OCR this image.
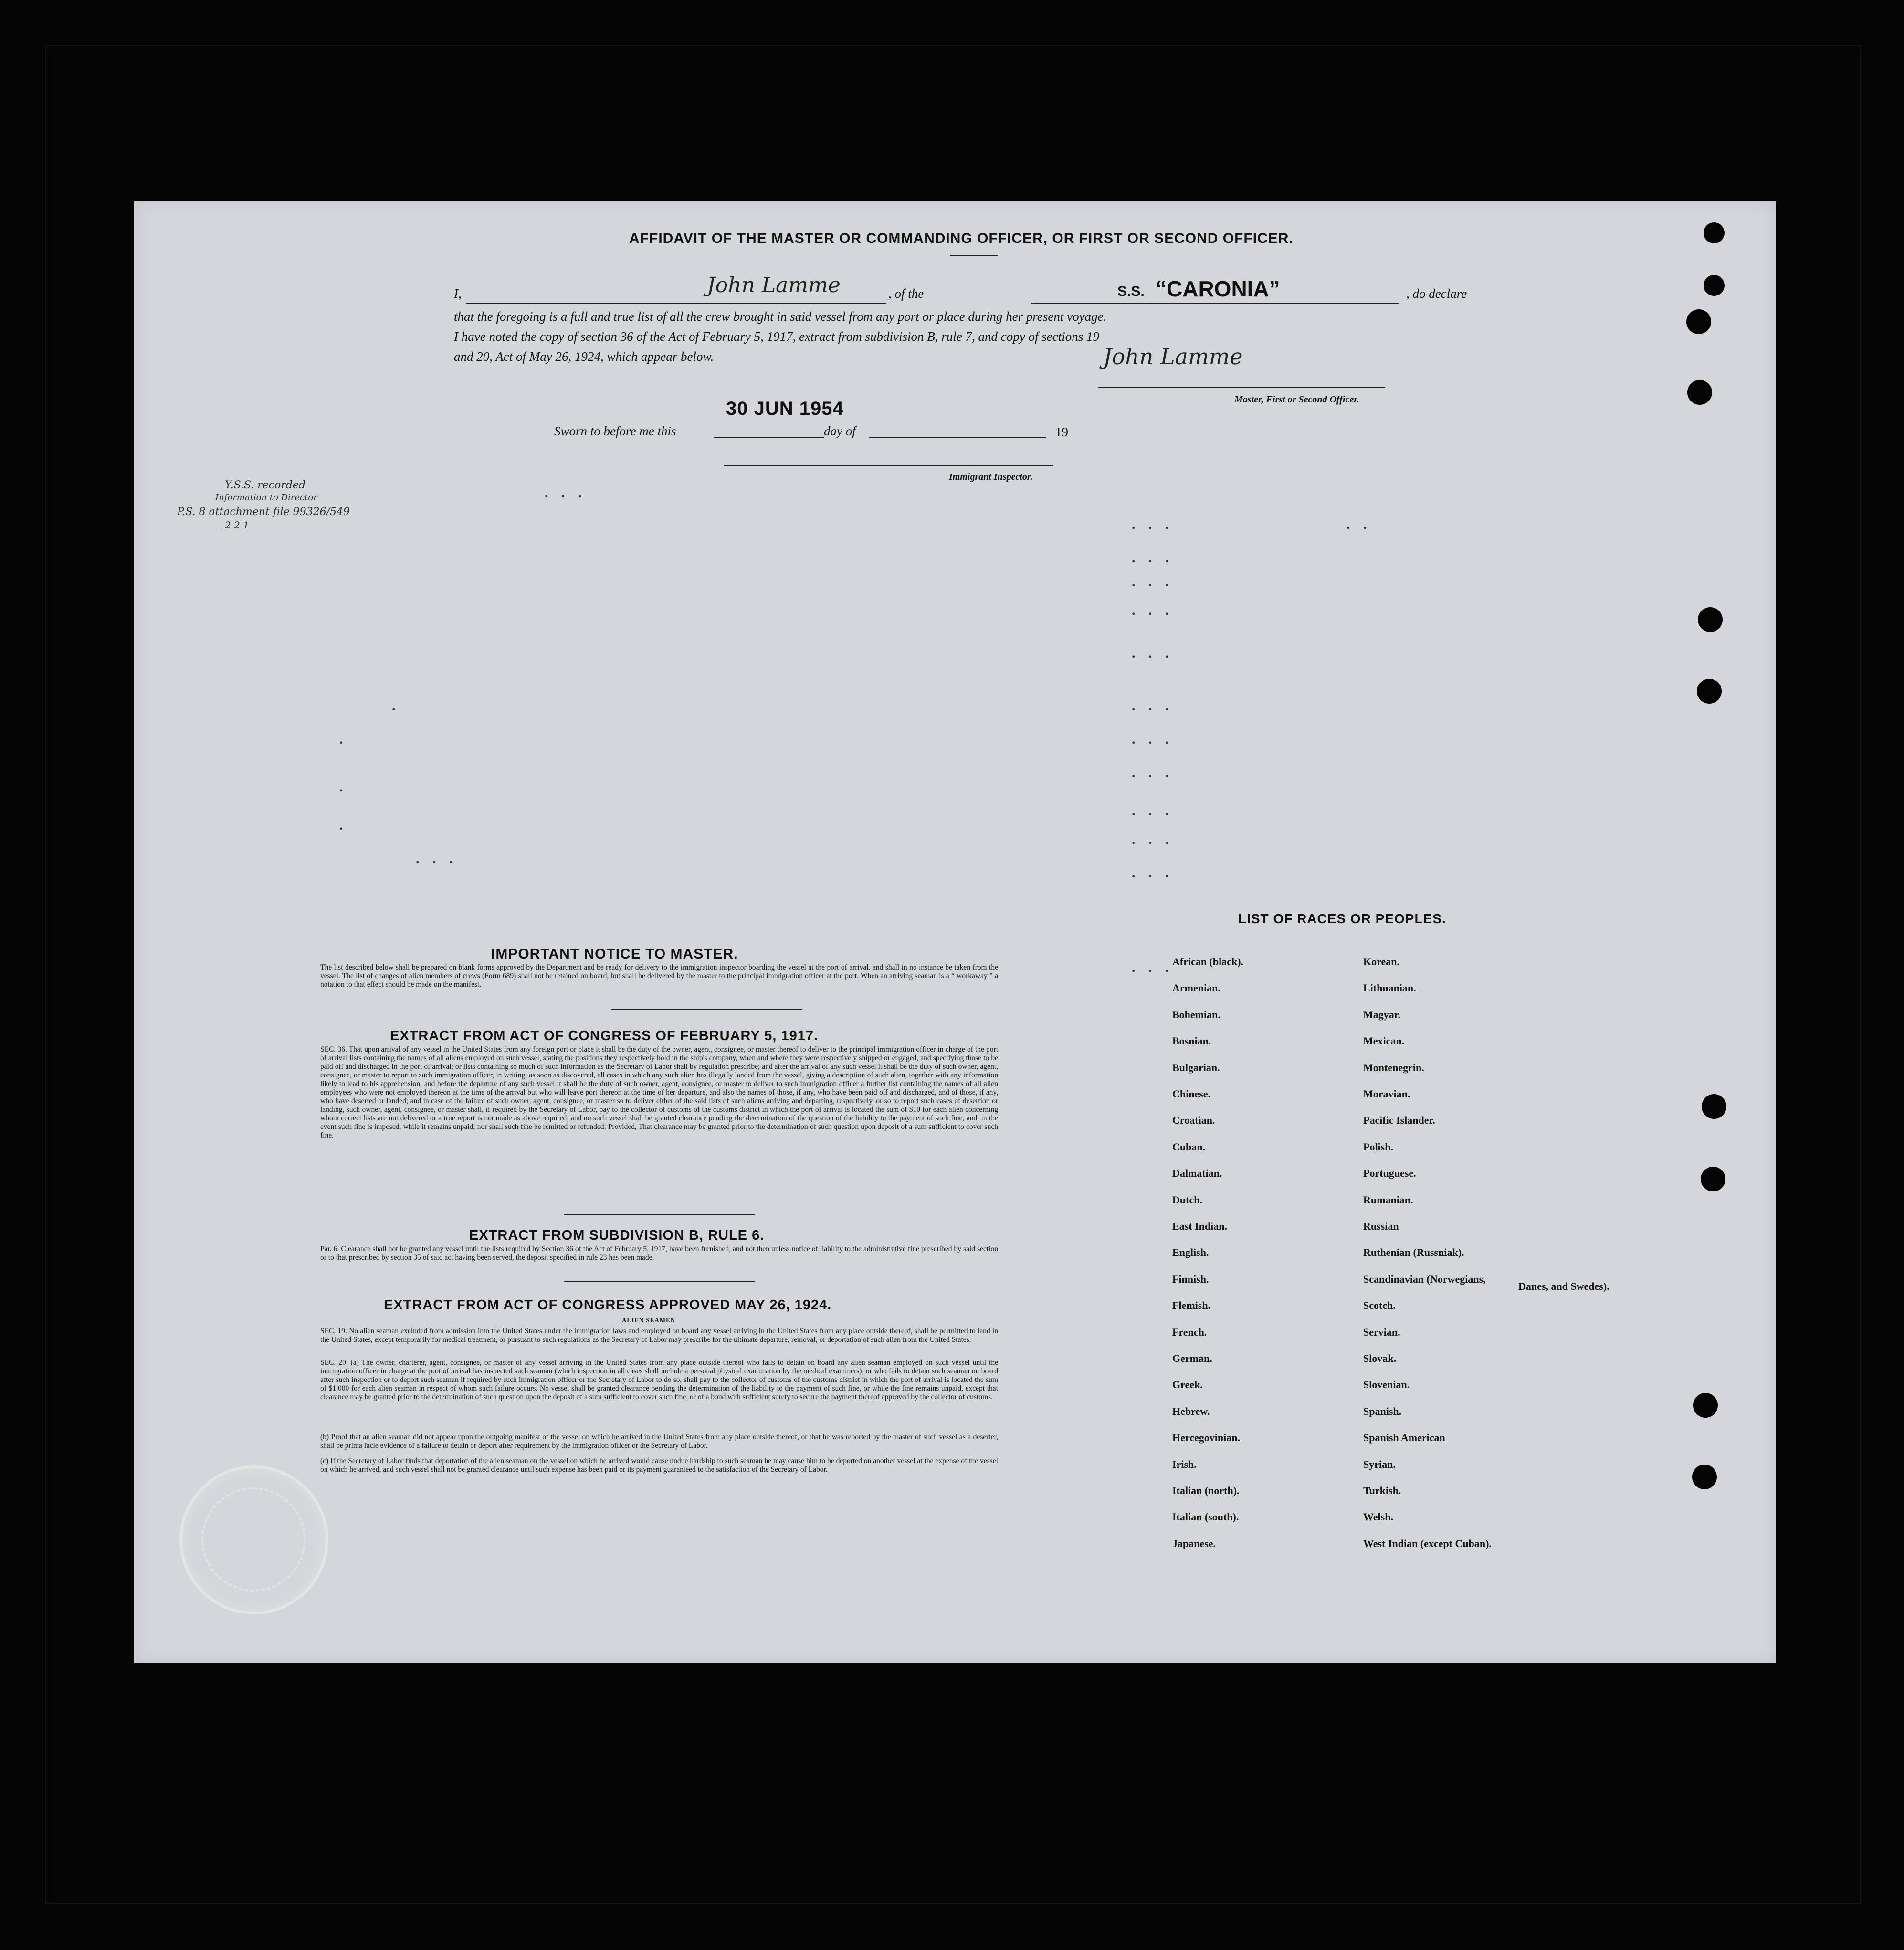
AFFIDAVIT OF THE MASTER OR COMMANDING OFFICER, OR FIRST OR SECOND OFFICER.
I,	John Lamme	, of the	S.S. “CARONIA”	, do declare
that the foregoing is a full and true list of all the crew brought in said vessel from any port or place during her present voyage.
I have noted the copy of section 36 of the Act of February 5, 1917, extract from subdivision B, rule 7, and copy of sections 19
and 20, Act of May 26, 1924, which appear below.	John Lamme
Master, First or Second Officer.
Sworn to before me this
30 JUN 1954
day of	19
Immigrant Inspector.
Y.S.S. recorded
Information to Director
P.S. 8 attachment file 99326/549
2 2 1
. . .
. . .	. .
. . .
. . .
. . .
. . .
. . .
. . .
. . .
. . .
. . .
. . .
.
.
.
.
. . .
. . .
IMPORTANT NOTICE TO MASTER.
The list described below shall be prepared on blank forms approved by the Department and be ready for delivery to the immigration inspector boarding the vessel at the port of arrival, and shall in no instance be taken from the vessel. The list of changes of alien members of crews (Form 689) shall not be retained on board, but shall be delivered by the master to the principal immigration officer at the port. When an arriving seaman is a “ workaway ” a notation to that effect should be made on the manifest.
EXTRACT FROM ACT OF CONGRESS OF FEBRUARY 5, 1917.
SEC. 36. That upon arrival of any vessel in the United States from any foreign port or place it shall be the duty of the owner, agent, consignee, or master thereof to deliver to the principal immigration officer in charge of the port of arrival lists containing the names of all aliens employed on such vessel, stating the positions they respectively hold in the ship's company, when and where they were respectively shipped or engaged, and specifying those to be paid off and discharged in the port of arrival; or lists containing so much of such information as the Secretary of Labor shall by regulation prescribe; and after the arrival of any such vessel it shall be the duty of such owner, agent, consignee, or master to report to such immigration officer, in writing, as soon as discovered, all cases in which any such alien has illegally landed from the vessel, giving a description of such alien, together with any information likely to lead to his apprehension; and before the departure of any such vessel it shall be the duty of such owner, agent, consignee, or master to deliver to such immigration officer a further list containing the names of all alien employees who were not employed thereon at the time of the arrival but who will leave port thereon at the time of her departure, and also the names of those, if any, who have been paid off and discharged, and of those, if any, who have deserted or landed; and in case of the failure of such owner, agent, consignee, or master so to deliver either of the said lists of such aliens arriving and departing, respectively, or so to report such cases of desertion or landing, such owner, agent, consignee, or master shall, if required by the Secretary of Labor, pay to the collector of customs of the customs district in which the port of arrival is located the sum of $10 for each alien concerning whom correct lists are not delivered or a true report is not made as above required; and no such vessel shall be granted clearance pending the determination of the question of the liability to the payment of such fine, and, in the event such fine is imposed, while it remains unpaid; nor shall such fine be remitted or refunded: Provided, That clearance may be granted prior to the determination of such question upon deposit of a sum sufficient to cover such fine.
EXTRACT FROM SUBDIVISION B, RULE 6.
Par. 6. Clearance shall not be granted any vessel until the lists required by Section 36 of the Act of February 5, 1917, have been furnished, and not then unless notice of liability to the administrative fine prescribed by said section or to that prescribed by section 35 of said act having been served, the deposit specified in rule 23 has been made.
EXTRACT FROM ACT OF CONGRESS APPROVED MAY 26, 1924.
ALIEN SEAMEN
SEC. 19. No alien seaman excluded from admission into the United States under the immigration laws and employed on board any vessel arriving in the United States from any place outside thereof, shall be permitted to land in the United States, except temporarily for medical treatment, or pursuant to such regulations as the Secretary of Labor may prescribe for the ultimate departure, removal, or deportation of such alien from the United States.
SEC. 20. (a) The owner, charterer, agent, consignee, or master of any vessel arriving in the United States from any place outside thereof who fails to detain on board any alien seaman employed on such vessel until the immigration officer in charge at the port of arrival has inspected such seaman (which inspection in all cases shall include a personal physical examination by the medical examiners), or who fails to detain such seaman on board after such inspection or to deport such seaman if required by such immigration officer or the Secretary of Labor to do so, shall pay to the collector of customs of the customs district in which the port of arrival is located the sum of $1,000 for each alien seaman in respect of whom such failure occurs. No vessel shall be granted clearance pending the determination of the liability to the payment of such fine, or while the fine remains unpaid, except that clearance may be granted prior to the determination of such question upon the deposit of a sum sufficient to cover such fine, or of a bond with sufficient surety to secure the payment thereof approved by the collector of customs.
(b) Proof that an alien seaman did not appear upon the outgoing manifest of the vessel on which he arrived in the United States from any place outside thereof, or that he was reported by the master of such vessel as a deserter, shall be prima facie evidence of a failure to detain or deport after requirement by the immigration officer or the Secretary of Labor.
(c) If the Secretary of Labor finds that deportation of the alien seaman on the vessel on which he arrived would cause undue hardship to such seaman he may cause him to be deported on another vessel at the expense of the vessel on which he arrived, and such vessel shall not be granted clearance until such expense has been paid or its payment guaranteed to the satisfaction of the Secretary of Labor.
LIST OF RACES OR PEOPLES.
African (black).
Armenian.
Bohemian.
Bosnian.
Bulgarian.
Chinese.
Croatian.
Cuban.
Dalmatian.
Dutch.
East Indian.
English.
Finnish.
Flemish.
French.
German.
Greek.
Hebrew.
Hercegovinian.
Irish.
Italian (north).
Italian (south).
Japanese.
Korean.
Lithuanian.
Magyar.
Mexican.
Montenegrin.
Moravian.
Pacific Islander.
Polish.
Portuguese.
Rumanian.
Russian
Ruthenian (Russniak).
Scandinavian (Norwegians,
Scotch.
Servian.
Slovak.
Slovenian.
Spanish.
Spanish American
Syrian.
Turkish.
Welsh.
West Indian (except Cuban).
Danes, and Swedes).
